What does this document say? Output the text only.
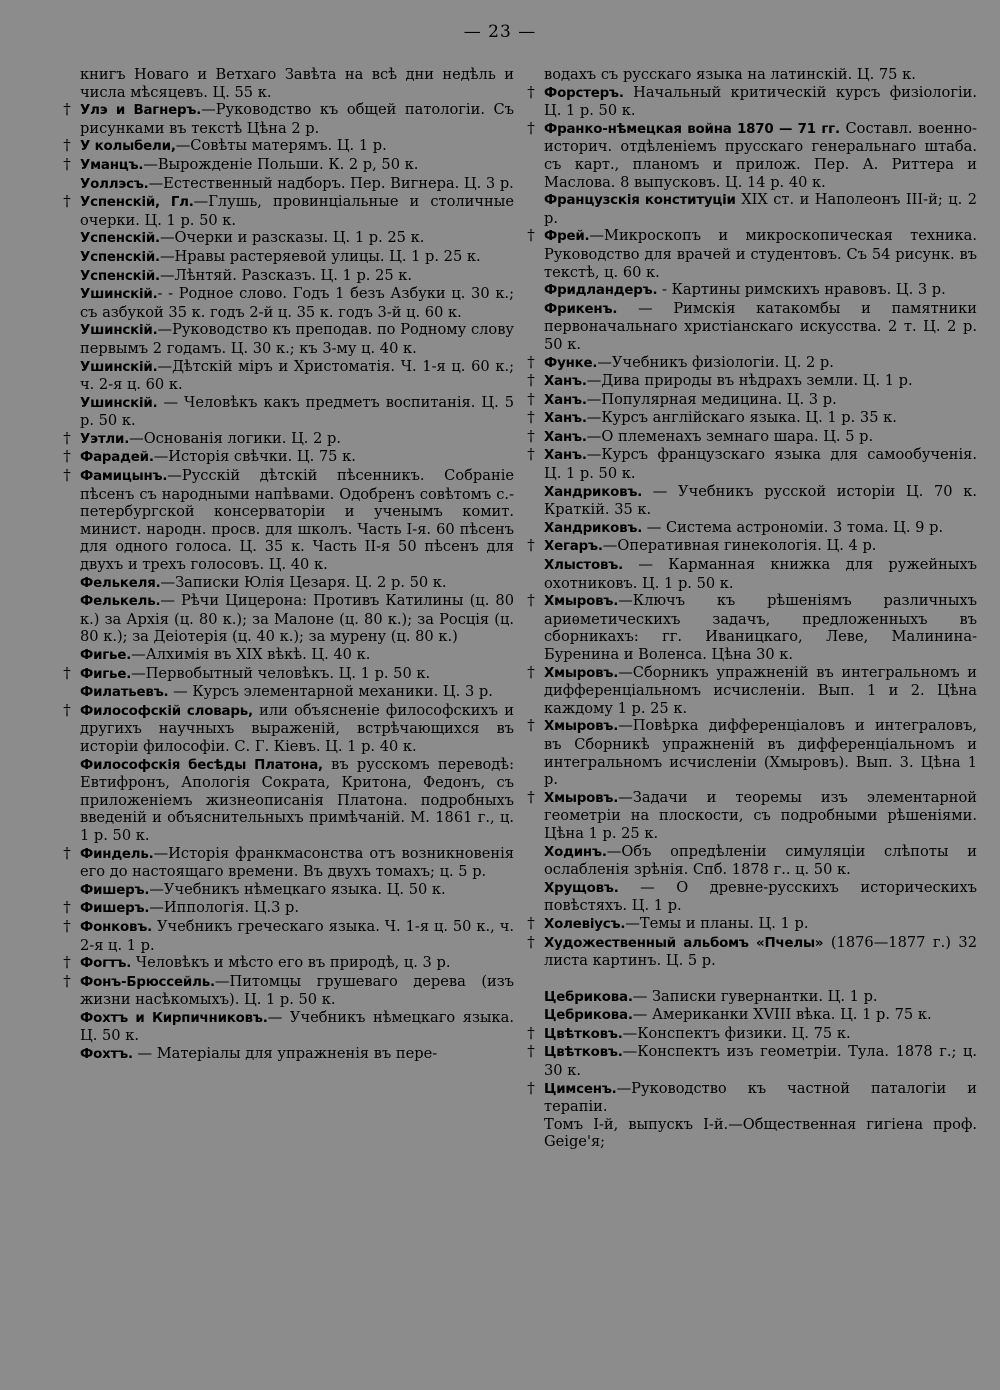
— 23 —
книгъ Новаго и Ветхаго Завѣта на всѣ дни недѣль и числа мѣсяцевъ. Ц. 55 к.
† Улэ и Вагнеръ.—Руководство къ общей патологіи. Съ рисунками въ текстѣ Цѣна 2 р.
† У колыбели,—Совѣты матерямъ. Ц. 1 р.
† Уманцъ.—Вырожденіе Польши. К. 2 р, 50 к.
Уоллэсъ.—Естественный надборъ. Пер. Вигнера. Ц. 3 р.
† Успенскій, Гл.—Глушь, провинціальные и столичные очерки. Ц. 1 р. 50 к.
Успенскій.—Очерки и разсказы. Ц. 1 р. 25 к.
Успенскій.—Нравы растеряевой улицы. Ц. 1 р. 25 к.
Успенскій.—Лѣнтяй. Разсказъ. Ц. 1 р. 25 к.
Ушинскій.- - Родное слово. Годъ 1 безъ Азбуки ц. 30 к.; съ азбукой 35 к. годъ 2-й ц. 35 к. годъ 3-й ц. 60 к.
Ушинскій.—Руководство къ преподав. по Родному слову первымъ 2 годамъ. Ц. 30 к.; къ 3-му ц. 40 к.
Ушинскій.—Дѣтскій міръ и Христоматія. Ч. 1-я ц. 60 к.; ч. 2-я ц. 60 к.
Ушинскій. — Человѣкъ какъ предметъ воспитанія. Ц. 5 р. 50 к.
† Уэтли.—Основанія логики. Ц. 2 р.
† Фарадей.—Исторія свѣчки. Ц. 75 к.
† Фамицынъ.—Русскій дѣтскій пѣсенникъ. Собраніе пѣсенъ съ народными напѣвами. Одобренъ совѣтомъ с.-петербургской консерваторіи и ученымъ комит. минист. народн. просв. для школъ. Часть I-я. 60 пѣсенъ для одного голоса. Ц. 35 к. Часть II-я 50 пѣсенъ для двухъ и трехъ голосовъ. Ц. 40 к.
Фелькеля.—Записки Юлія Цезаря. Ц. 2 р. 50 к.
Фелькель.— Рѣчи Цицерона: Противъ Катилины (ц. 80 к.) за Архія (ц. 80 к.); за Малоне (ц. 80 к.); за Росція (ц. 80 к.); за Деіотерія (ц. 40 к.); за мурену (ц. 80 к.)
Фигье.—Алхимія въ XIX вѣкѣ. Ц. 40 к.
† Фигье.—Первобытный человѣкъ. Ц. 1 р. 50 к.
Филатьевъ. — Курсъ элементарной механики. Ц. 3 р.
† Философскій словарь, или объясненіе философскихъ и другихъ научныхъ выраженій, встрѣчающихся въ исторіи философіи. С. Г. Кіевъ. Ц. 1 р. 40 к.
Философскія бесѣды Платона, въ русскомъ переводѣ: Евтифронъ, Апологія Сократа, Критона, Федонъ, съ приложеніемъ жизнеописанія Платона. подробныхъ введеній и объяснительныхъ примѣчаній. М. 1861 г., ц. 1 р. 50 к.
† Финдель.—Исторія франкмасонства отъ возникновенія его до настоящаго времени. Въ двухъ томахъ; ц. 5 р.
Фишеръ.—Учебникъ нѣмецкаго языка. Ц. 50 к.
† Фишеръ.—Иппологія. Ц.3 р.
† Фонковъ. Учебникъ греческаго языка. Ч. 1-я ц. 50 к., ч. 2-я ц. 1 р.
† Фогтъ. Человѣкъ и мѣсто его въ природѣ, ц. 3 р.
† Фонъ-Брюссейль.—Питомцы грушеваго дерева (изъ жизни насѣкомыхъ). Ц. 1 р. 50 к.
Фохтъ и Кирпичниковъ.— Учебникъ нѣмецкаго языка. Ц. 50 к.
Фохтъ. — Матеріалы для упражненія въ пере-
водахъ съ русскаго языка на латинскій. Ц. 75 к.
† Форстеръ. Начальный критическій курсъ физіологіи. Ц. 1 р. 50 к.
† Франко-нѣмецкая война 1870 — 71 гг. Составл. военно-историч. отдѣленіемъ прусскаго генеральнаго штаба. съ карт., планомъ и прилож. Пер. А. Риттера и Маслова. 8 выпусковъ. Ц. 14 р. 40 к.
Французскія конституціи XIX ст. и Наполеонъ III-й; ц. 2 р.
† Фрей.—Микроскопъ и микроскопическая техника. Руководство для врачей и студентовъ. Съ 54 рисунк. въ текстѣ, ц. 60 к.
Фридландеръ. - Картины римскихъ нравовъ. Ц. 3 р.
Фрикенъ. — Римскія катакомбы и памятники первоначальнаго христіанскаго искусства. 2 т. Ц. 2 р. 50 к.
† Функе.—Учебникъ физіологіи. Ц. 2 р.
† Ханъ.—Дива природы въ нѣдрахъ земли. Ц. 1 р.
† Ханъ.—Популярная медицина. Ц. 3 р.
† Ханъ.—Курсъ англійскаго языка. Ц. 1 р. 35 к.
† Ханъ.—О племенахъ земнаго шара. Ц. 5 р.
† Ханъ.—Курсъ французскаго языка для самообученія. Ц. 1 р. 50 к.
Хандриковъ. — Учебникъ русской исторіи Ц. 70 к. Краткій. 35 к.
Хандриковъ. — Система астрономіи. 3 тома. Ц. 9 р.
† Хегаръ.—Оперативная гинекологія. Ц. 4 р.
Хлыстовъ. — Карманная книжка для ружейныхъ охотниковъ. Ц. 1 р. 50 к.
† Хмыровъ.—Ключъ къ рѣшеніямъ различныхъ ариѳметическихъ задачъ, предложенныхъ въ сборникахъ: гг. Иваницкаго, Леве, Малинина-Буренина и Воленса. Цѣна 30 к.
† Хмыровъ.—Сборникъ упражненій въ интегральномъ и дифференціальномъ исчисленіи. Вып. 1 и 2. Цѣна каждому 1 р. 25 к.
† Хмыровъ.—Повѣрка дифференціаловъ и интеграловъ, въ Сборникѣ упражненій въ дифференціальномъ и интегральномъ исчисленіи (Хмыровъ). Вып. 3. Цѣна 1 р.
† Хмыровъ.—Задачи и теоремы изъ элементарной геометріи на плоскости, съ подробными рѣшеніями. Цѣна 1 р. 25 к.
Ходинъ.—Объ опредѣленіи симуляціи слѣпоты и ослабленія зрѣнія. Спб. 1878 г.. ц. 50 к.
Хрущовъ. — О древне-русскихъ историческихъ повѣстяхъ. Ц. 1 р.
† Холевіусъ.—Темы и планы. Ц. 1 р.
† Художественный альбомъ «Пчелы» (1876—1877 г.) 32 листа картинъ. Ц. 5 р.
Цебрикова.— Записки гувернантки. Ц. 1 р.
Цебрикова.— Американки XVIII вѣка. Ц. 1 р. 75 к.
† Цвѣтковъ.—Конспектъ физики. Ц. 75 к.
† Цвѣтковъ.—Конспектъ изъ геометріи. Тула. 1878 г.; ц. 30 к.
† Цимсенъ.—Руководство къ частной паталогіи и терапіи.
Томъ I-й, выпускъ I-й.—Общественная гигіена проф. Geige'я;
